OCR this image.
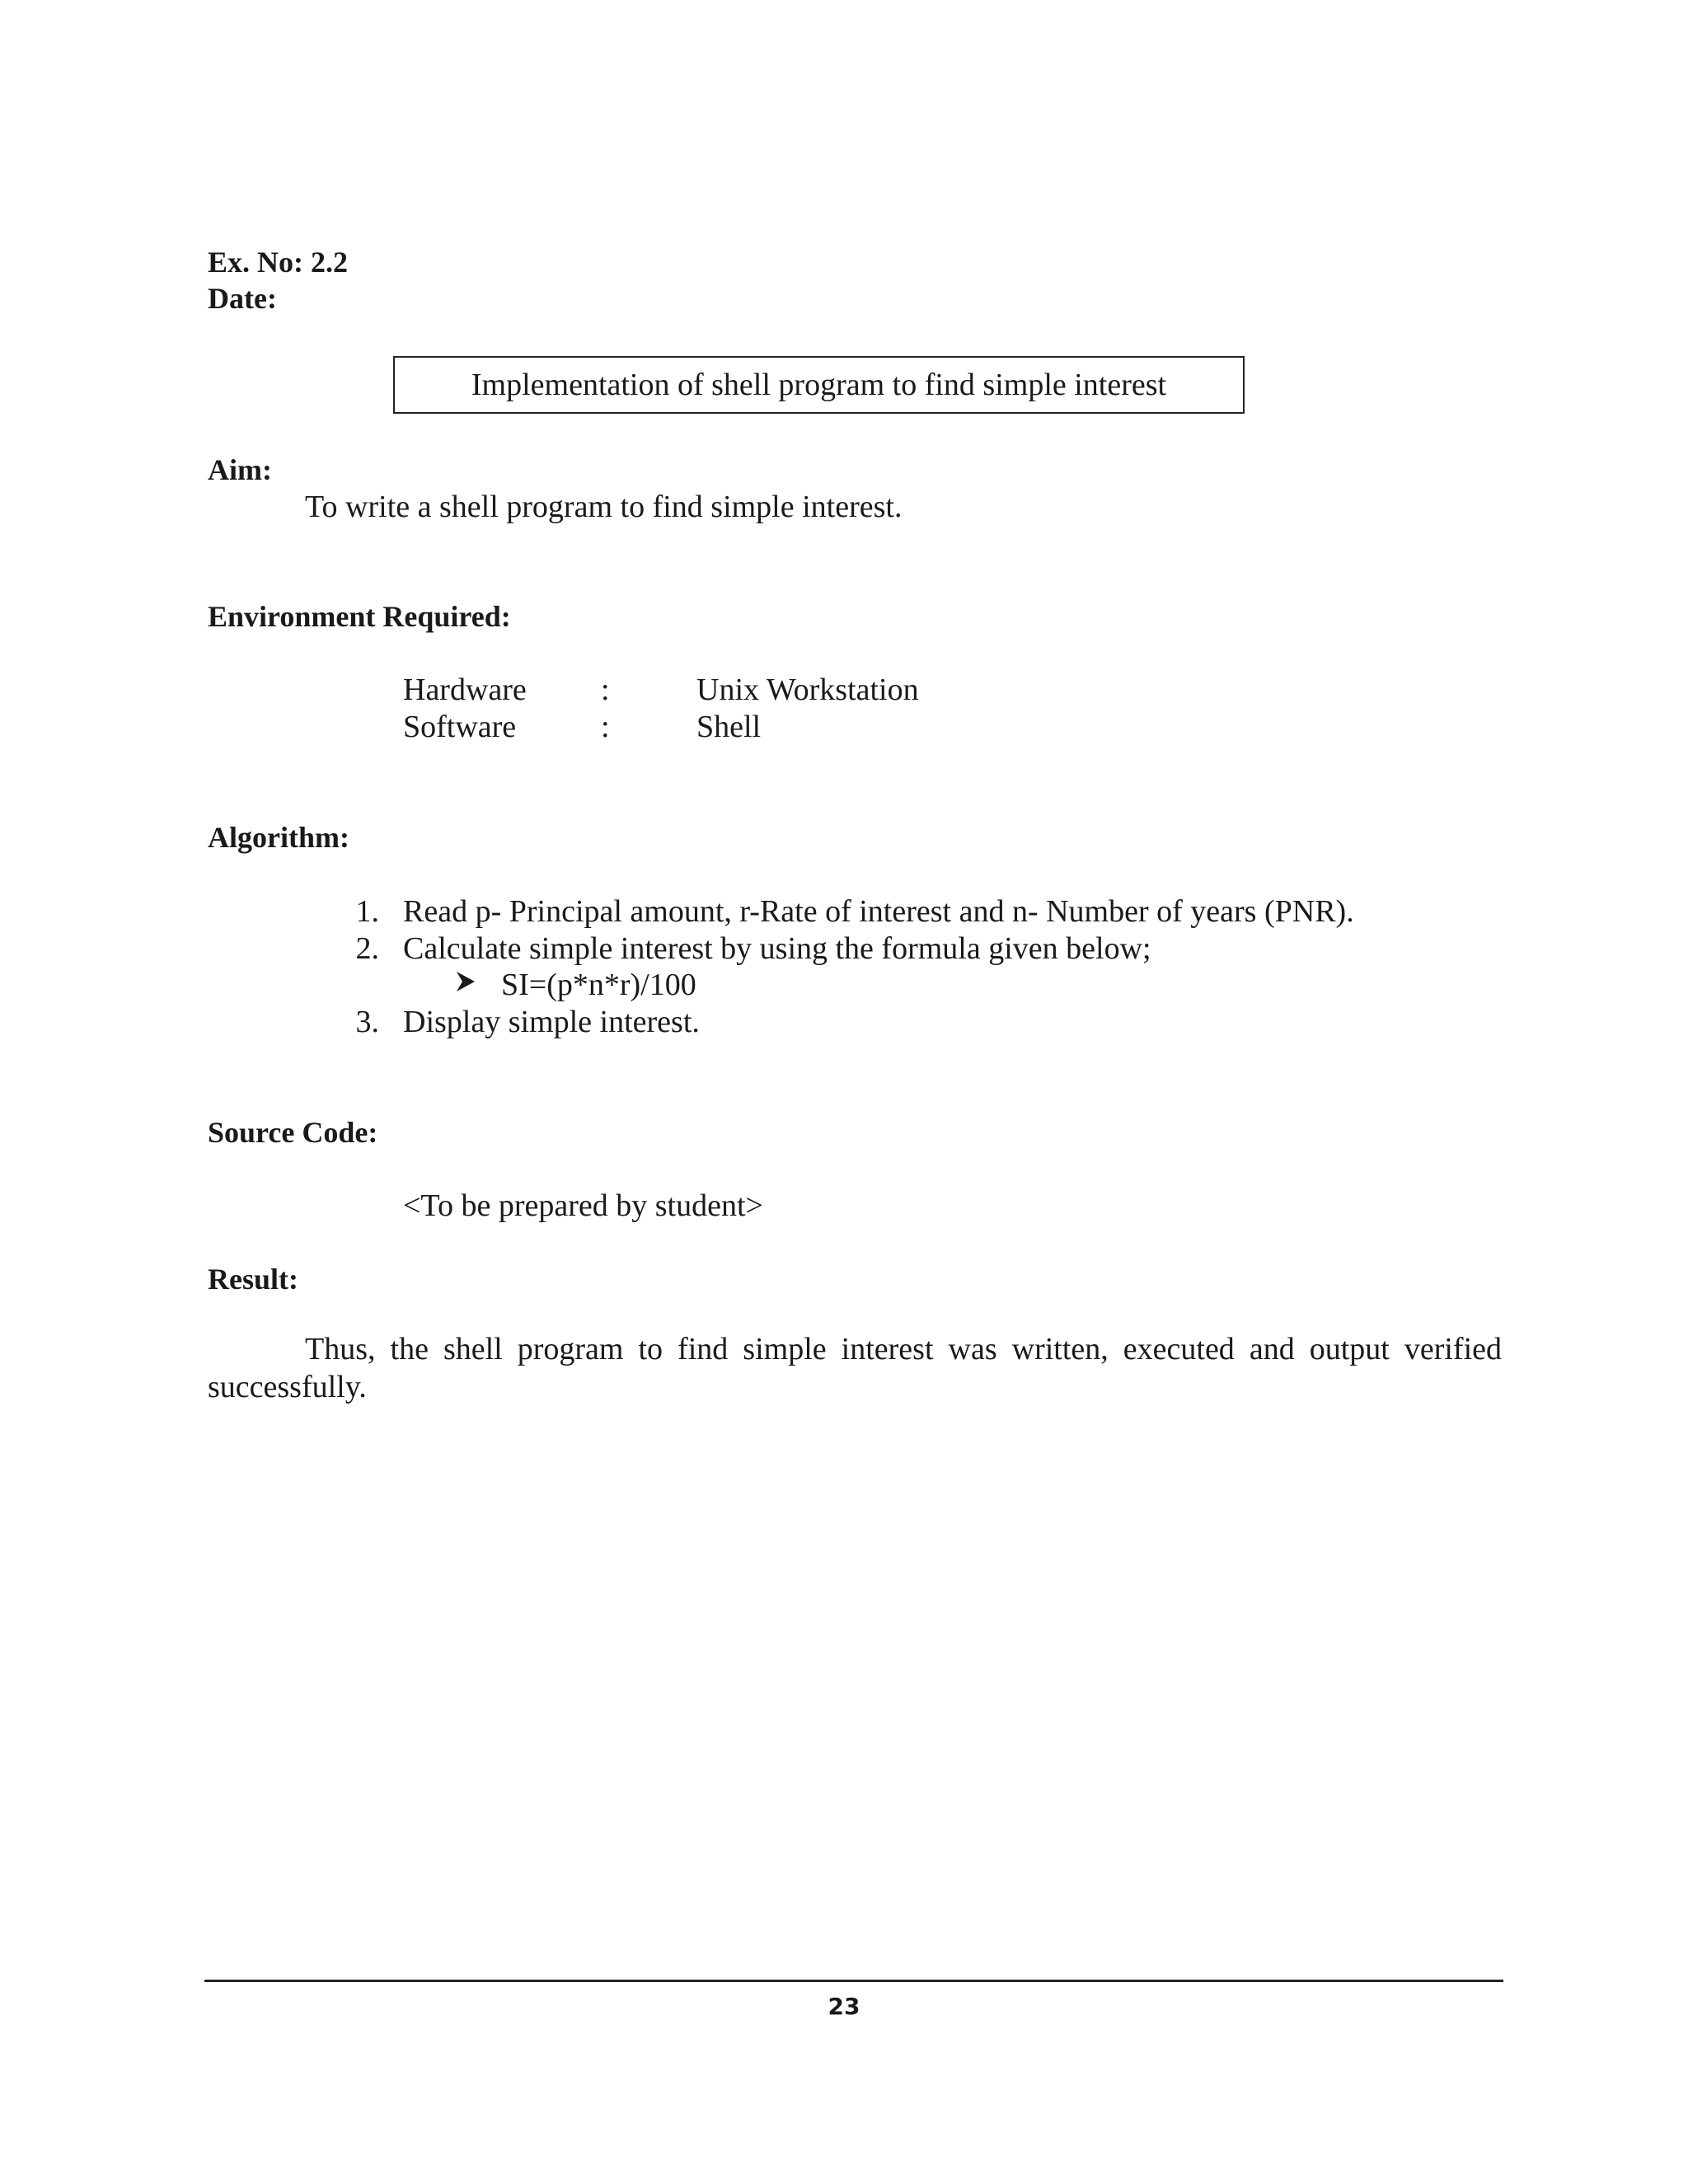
Ex. No: 2.2
Date:
Implementation of shell program to find simple interest
Aim:
To write a shell program to find simple interest.
Environment Required:
Hardware :	Unix Workstation
Software	:	Shell
Algorithm:
1. Read p- Principal amount, r-Rate of interest and n- Number of years (PNR).
2. Calculate simple interest by using the formula given below;
SI=(p*n*r)/100
3. Display simple interest.
Source Code:
<To be prepared by student>
Result:
Thus, the shell program to find simple interest was written, executed and output verified successfully.
23
